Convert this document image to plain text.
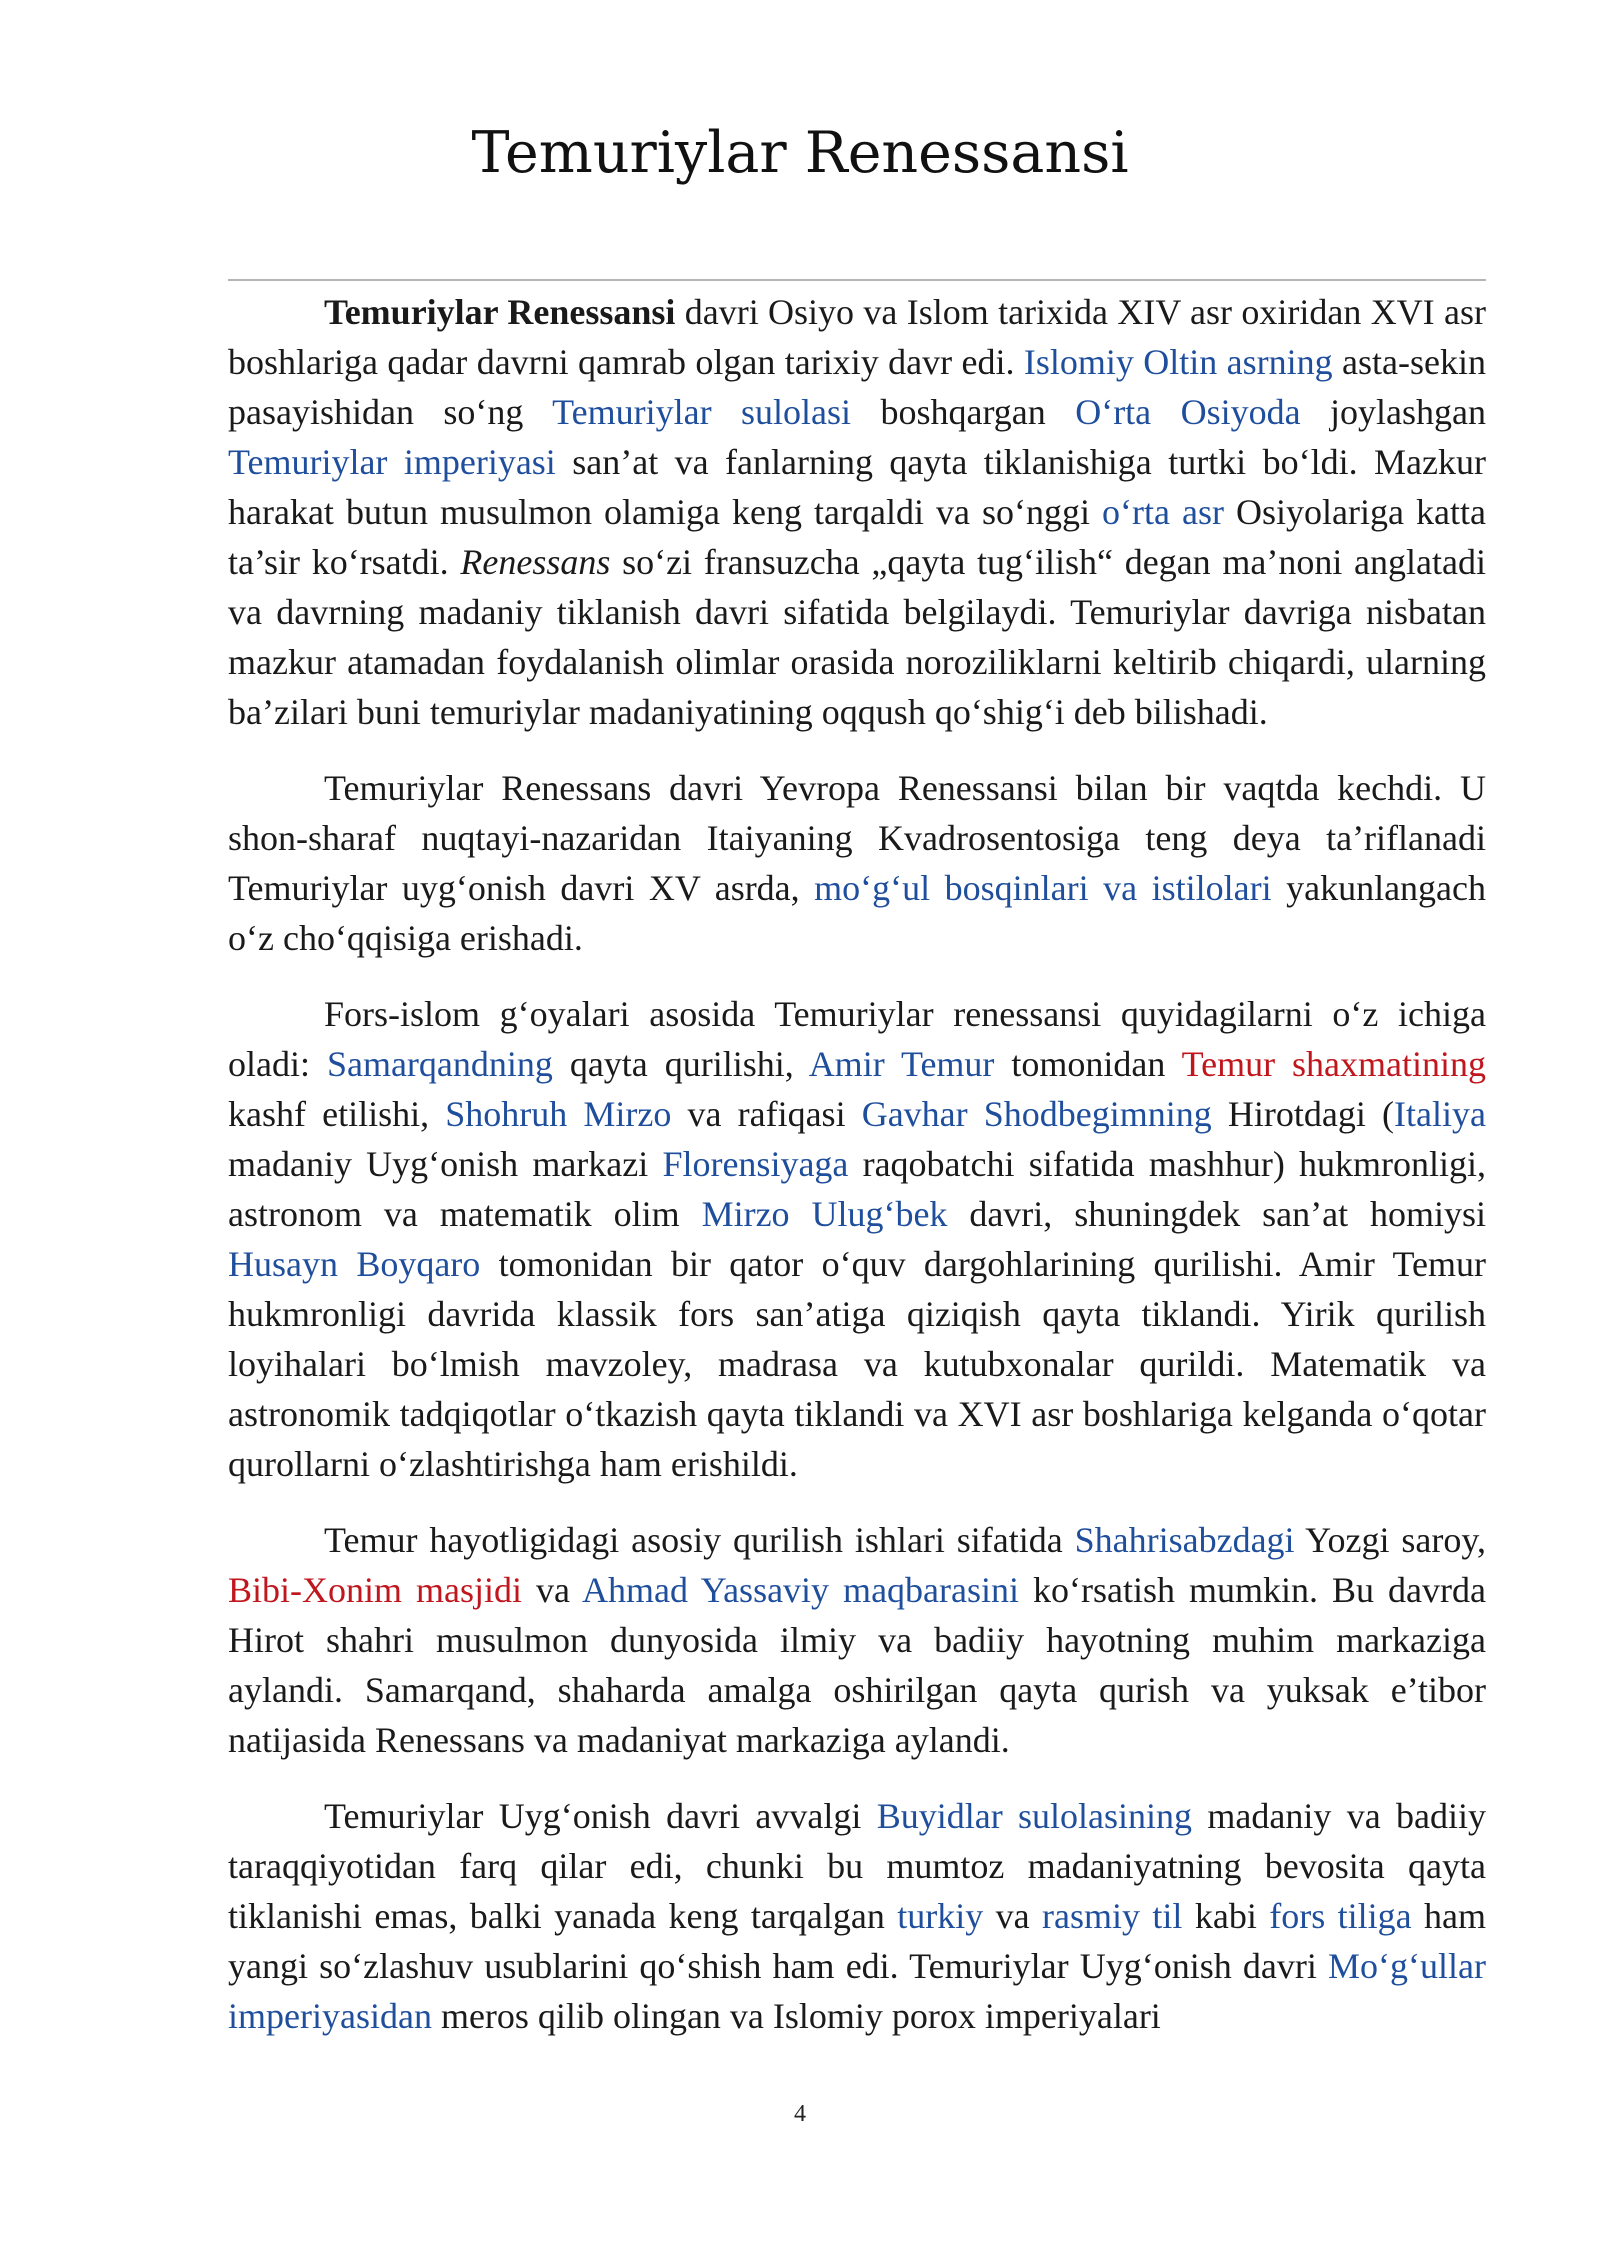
Temuriylar Renessansi

Temuriylar Renessansi davri Osiyo va Islom tarixida XIV asr oxiridan XVI asr boshlariga qadar davrni qamrab olgan tarixiy davr edi. Islomiy Oltin asrning asta-sekin pasayishidan so‘ng Temuriylar sulolasi boshqargan O‘rta Osiyoda joylashgan Temuriylar imperiyasi san’at va fanlarning qayta tiklanishiga turtki bo‘ldi. Mazkur harakat butun musulmon olamiga keng tarqaldi va so‘nggi o‘rta asr Osiyolariga katta ta’sir ko‘rsatdi. Renessans so‘zi fransuzcha „qayta tug‘ilish“ degan ma’noni anglatadi va davrning madaniy tiklanish davri sifatida belgilaydi. Temuriylar davriga nisbatan mazkur atamadan foydalanish olimlar orasida noroziliklarni keltirib chiqardi, ularning ba’zilari buni temuriylar madaniyatining oqqush qo‘shig‘i deb bilishadi.

Temuriylar Renessans davri Yevropa Renessansi bilan bir vaqtda kechdi. U shon-sharaf nuqtayi-nazaridan Itaiyaning Kvadrosentosiga teng deya ta’riflanadi Temuriylar uyg‘onish davri XV asrda, mo‘g‘ul bosqinlari va istilolari yakunlangach o‘z cho‘qqisiga erishadi.

Fors-islom g‘oyalari asosida Temuriylar renessansi quyidagilarni o‘z ichiga oladi: Samarqandning qayta qurilishi, Amir Temur tomonidan Temur shaxmatining kashf etilishi, Shohruh Mirzo va rafiqasi Gavhar Shodbegimning Hirotdagi (Italiya madaniy Uyg‘onish markazi Florensiyaga raqobatchi sifatida mashhur) hukmronligi, astronom va matematik olim Mirzo Ulug‘bek davri, shuningdek san’at homiysi Husayn Boyqaro tomonidan bir qator o‘quv dargohlarining qurilishi. Amir Temur hukmronligi davrida klassik fors san’atiga qiziqish qayta tiklandi. Yirik qurilish loyihalari bo‘lmish mavzoley, madrasa va kutubxonalar qurildi. Matematik va astronomik tadqiqotlar o‘tkazish qayta tiklandi va XVI asr boshlariga kelganda o‘qotar qurollarni o‘zlashtirishga ham erishildi.

Temur hayotligidagi asosiy qurilish ishlari sifatida Shahrisabzdagi Yozgi saroy, Bibi-Xonim masjidi va Ahmad Yassaviy maqbarasini ko‘rsatish mumkin. Bu davrda Hirot shahri musulmon dunyosida ilmiy va badiiy hayotning muhim markaziga aylandi. Samarqand, shaharda amalga oshirilgan qayta qurish va yuksak e’tibor natijasida Renessans va madaniyat markaziga aylandi.

Temuriylar Uyg‘onish davri avvalgi Buyidlar sulolasining madaniy va badiiy taraqqiyotidan farq qilar edi, chunki bu mumtoz madaniyatning bevosita qayta tiklanishi emas, balki yanada keng tarqalgan turkiy va rasmiy til kabi fors tiliga ham yangi so‘zlashuv usublarini qo‘shish ham edi. Temuriylar Uyg‘onish davri Mo‘g‘ullar imperiyasidan meros qilib olingan va Islomiy porox imperiyalari

4
